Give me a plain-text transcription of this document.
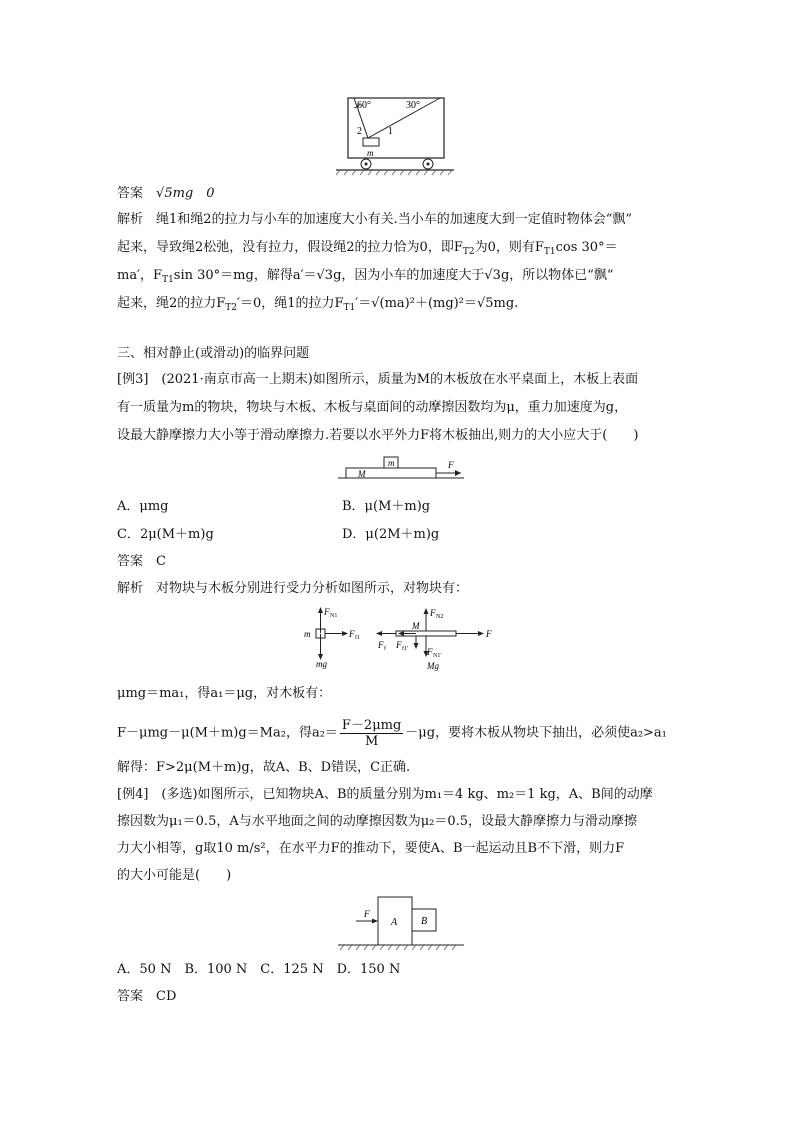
60°	30°
2	1
m
答案　 √5mg　0
解析　 绳1和绳2的拉力与小车的加速度大小有关.当小车的加速度大到一定值时物体会“飘”
起来，导致绳2松弛，没有拉力，假设绳2的拉力恰为0，即$F_{T2}$为0，则有$F_{T1}\cos$ 30°＝
ma′，$F_{T1}\sin$ 30°＝mg，解得a′＝√3g，因为小车的加速度大于√3g，所以物体已“飘”
起来，绳2的拉力$F_{T2}'=0$，绳1的拉力$F_{T1}'=√(ma)^2+(mg)^2=√5mg$.
三、相对静止(或滑动)的临界问题
[例3]　(2021·南京市高一上期末)如图所示，质量为M的木板放在水平桌面上，木板上表面
有一质量为m的物块，物块与木板、木板与桌面间的动摩擦因数均为μ，重力加速度为g，
设最大静摩擦力大小等于滑动摩擦力.若要以水平外力F将木板抽出,则力的大小应大于(　　)
m
M
F
A．μmg	B．μ(M＋m)g
C．2μ(M＋m)g	D．μ(2M＋m)g
答案　C
解析　对物块与木板分别进行受力分析如图所示，对物块有：
F N1
m	F f1
mg
F N2
M
F
F f F f1′ F N1′
Mg
μmg＝ma₁，得a₁＝μg，对木板有：
F－μmg－μ(M＋m)g＝Ma₂，得a₂＝ F－2μmg
M
－μg，要将木板从物块下抽出，必须使a₂>a₁
解得：F>2μ(M＋m)g，故A、B、D错误，C正确.
[例4]　(多选)如图所示，已知物块A、B的质量分别为m₁＝4 kg、m₂＝1 kg，A、B间的动摩
擦因数为μ₁＝0.5，A与水平地面之间的动摩擦因数为μ₂＝0.5，设最大静摩擦力与滑动摩擦
力大小相等，g取10 m/s²，在水平力F的推动下，要使A、B一起运动且B不下滑，则力F
的大小可能是(　　)
F
A B
A．50 N　B．100 N　C．125 N　D．150 N
答案　CD
